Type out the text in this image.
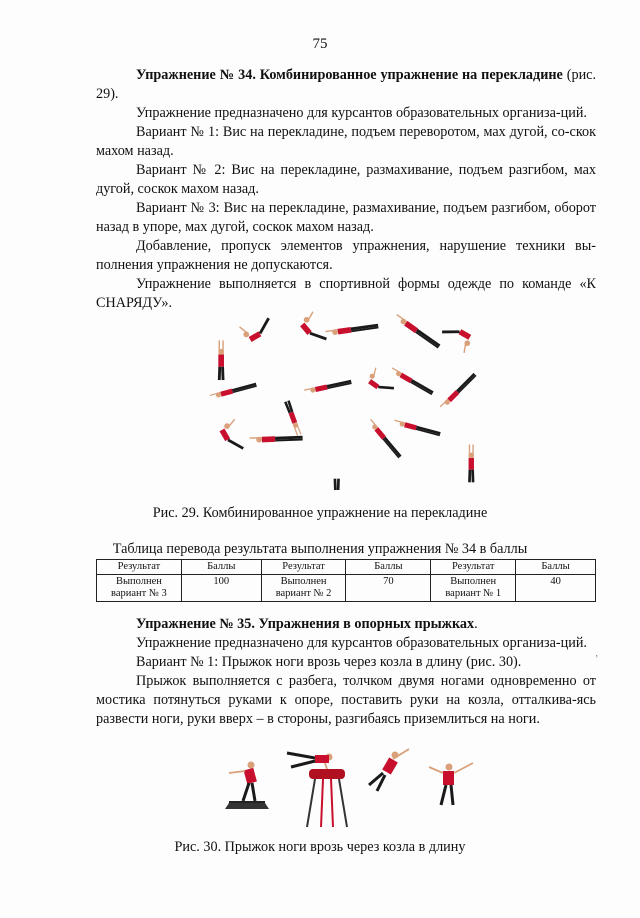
75

Упражнение № 34. Комбинированное упражнение на перекладине (рис. 29).

Упражнение предназначено для курсантов образовательных организа-ций.

Вариант № 1: Вис на перекладине, подъем переворотом, мах дугой, со-скок махом назад.

Вариант № 2: Вис на перекладине, размахивание, подъем разгибом, мах дугой, соскок махом назад.

Вариант № 3: Вис на перекладине, размахивание, подъем разгибом, оборот назад в упоре, мах дугой, соскок махом назад.

Добавление, пропуск элементов упражнения, нарушение техники вы-полнения упражнения не допускаются.

Упражнение выполняется в спортивной формы одежде по команде «К СНАРЯДУ».

Рис. 29. Комбинированное упражнение на перекладине
Таблица перевода результата выполнения упражнения № 34 в баллы
Результат	Баллы	Результат	Баллы	Результат	Баллы
Выполнен вариант № 3	100	Выполнен вариант № 2	70	Выполнен вариант № 1	40

Упражнение № 35. Упражнения в опорных прыжках.

Упражнение предназначено для курсантов образовательных организа-ций.

Вариант № 1: Прыжок ноги врозь через козла в длину (рис. 30).

Прыжок выполняется с разбега, толчком двумя ногами одновременно от мостика потянуться руками к опоре, поставить руки на козла, отталкива-ясь развести ноги, руки вверх – в стороны, разгибаясь приземлиться на ноги.

,
Рис. 30. Прыжок ноги врозь через козла в длину
